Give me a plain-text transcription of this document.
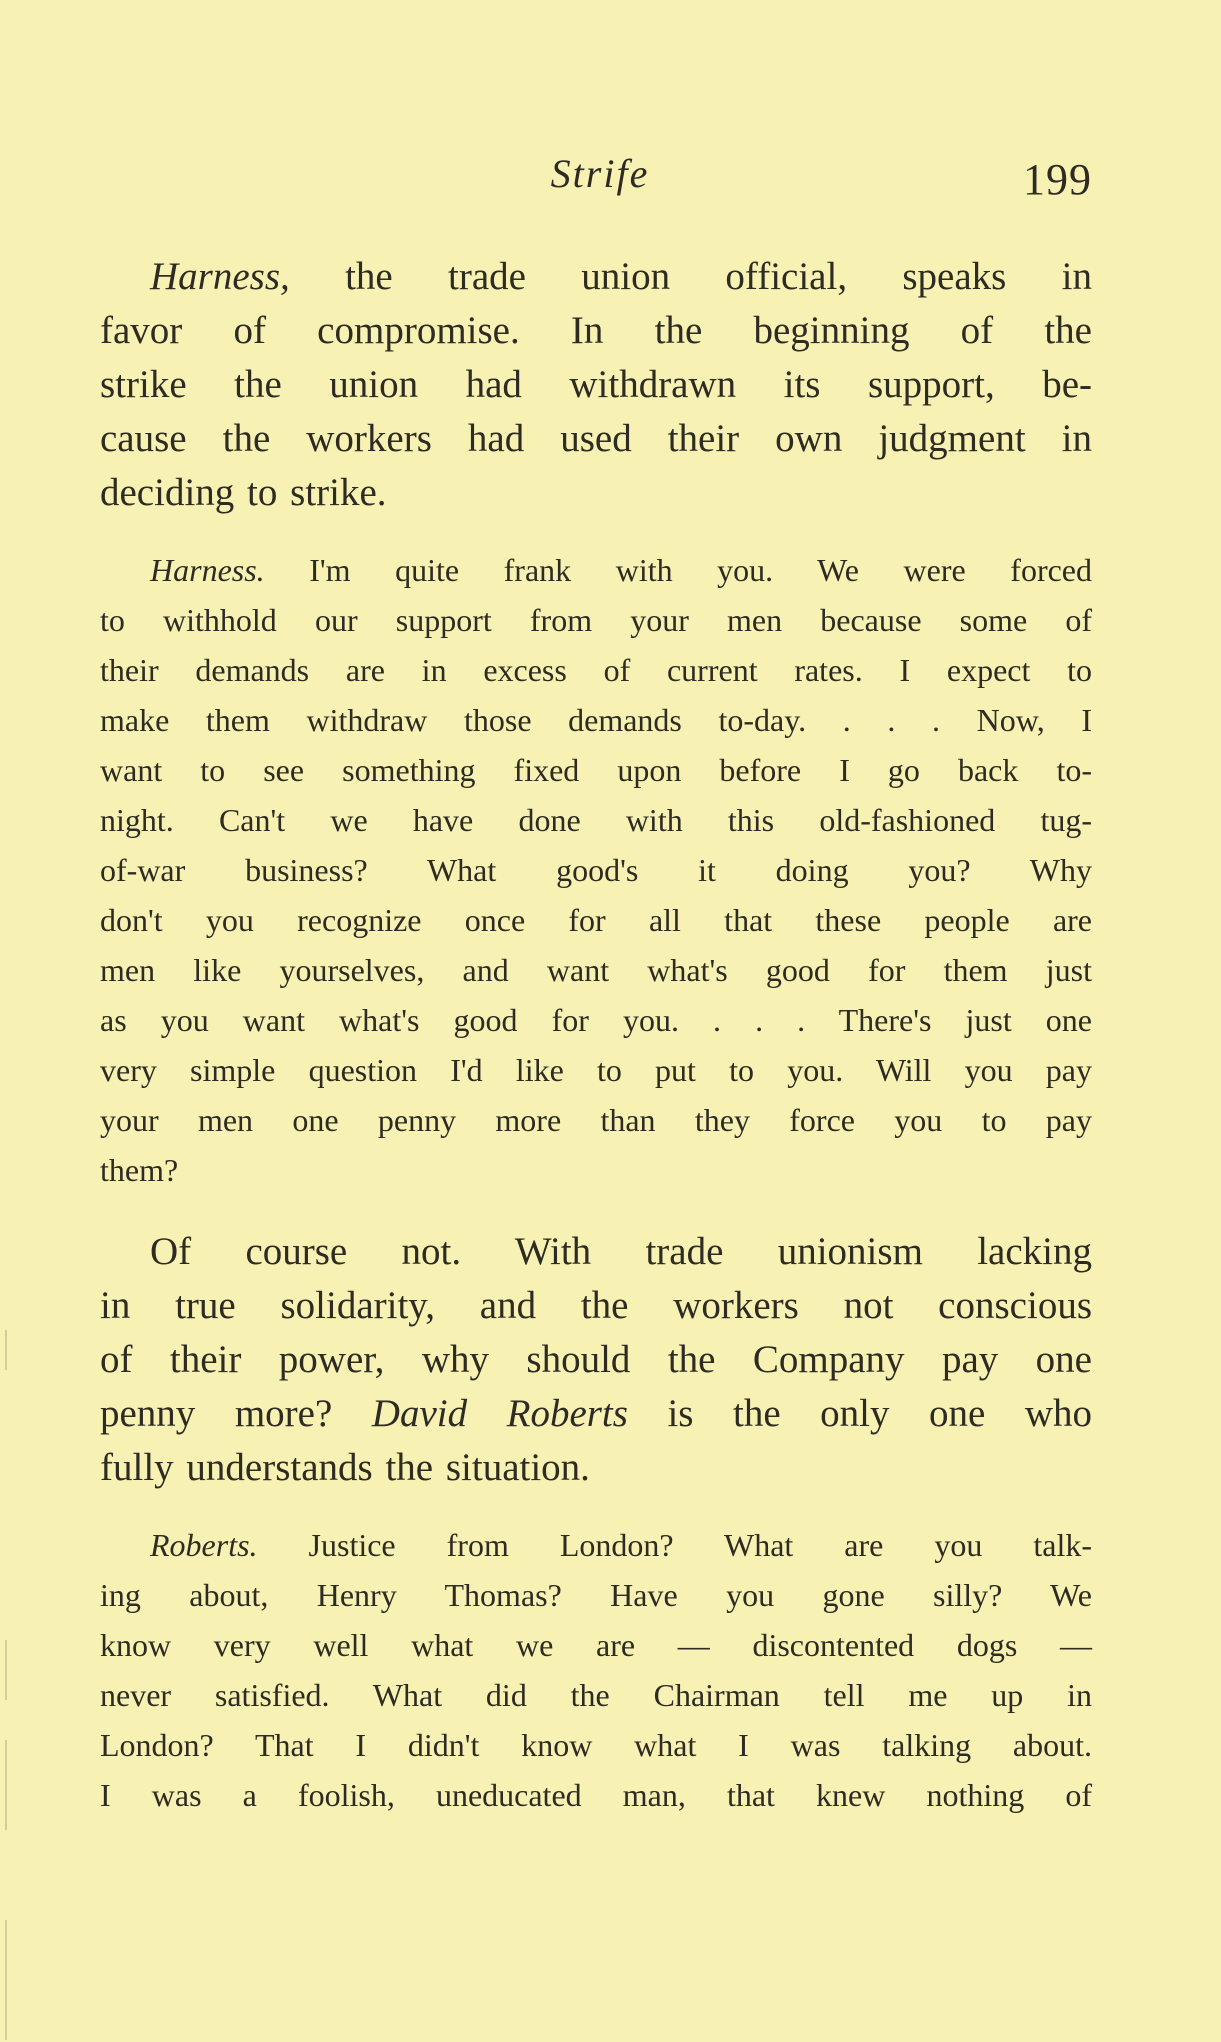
Strife	199
Harness, the trade union official, speaks in
favor of compromise. In the beginning of the
strike the union had withdrawn its support, be-
cause the workers had used their own judgment in
deciding to strike.
Harness. I'm quite frank with you. We were forced
to withhold our support from your men because some of
their demands are in excess of current rates. I expect to
make them withdraw those demands to-day. . . . Now, I
want to see something fixed upon before I go back to-
night. Can't we have done with this old-fashioned tug-
of-war business? What good's it doing you? Why
don't you recognize once for all that these people are
men like yourselves, and want what's good for them just
as you want what's good for you. . . . There's just one
very simple question I'd like to put to you. Will you pay
your men one penny more than they force you to pay
them?
Of course not. With trade unionism lacking
in true solidarity, and the workers not conscious
of their power, why should the Company pay one
penny more? David Roberts is the only one who
fully understands the situation.
Roberts. Justice from London? What are you talk-
ing about, Henry Thomas? Have you gone silly? We
know very well what we are — discontented dogs —
never satisfied. What did the Chairman tell me up in
London? That I didn't know what I was talking about.
I was a foolish, uneducated man, that knew nothing of
